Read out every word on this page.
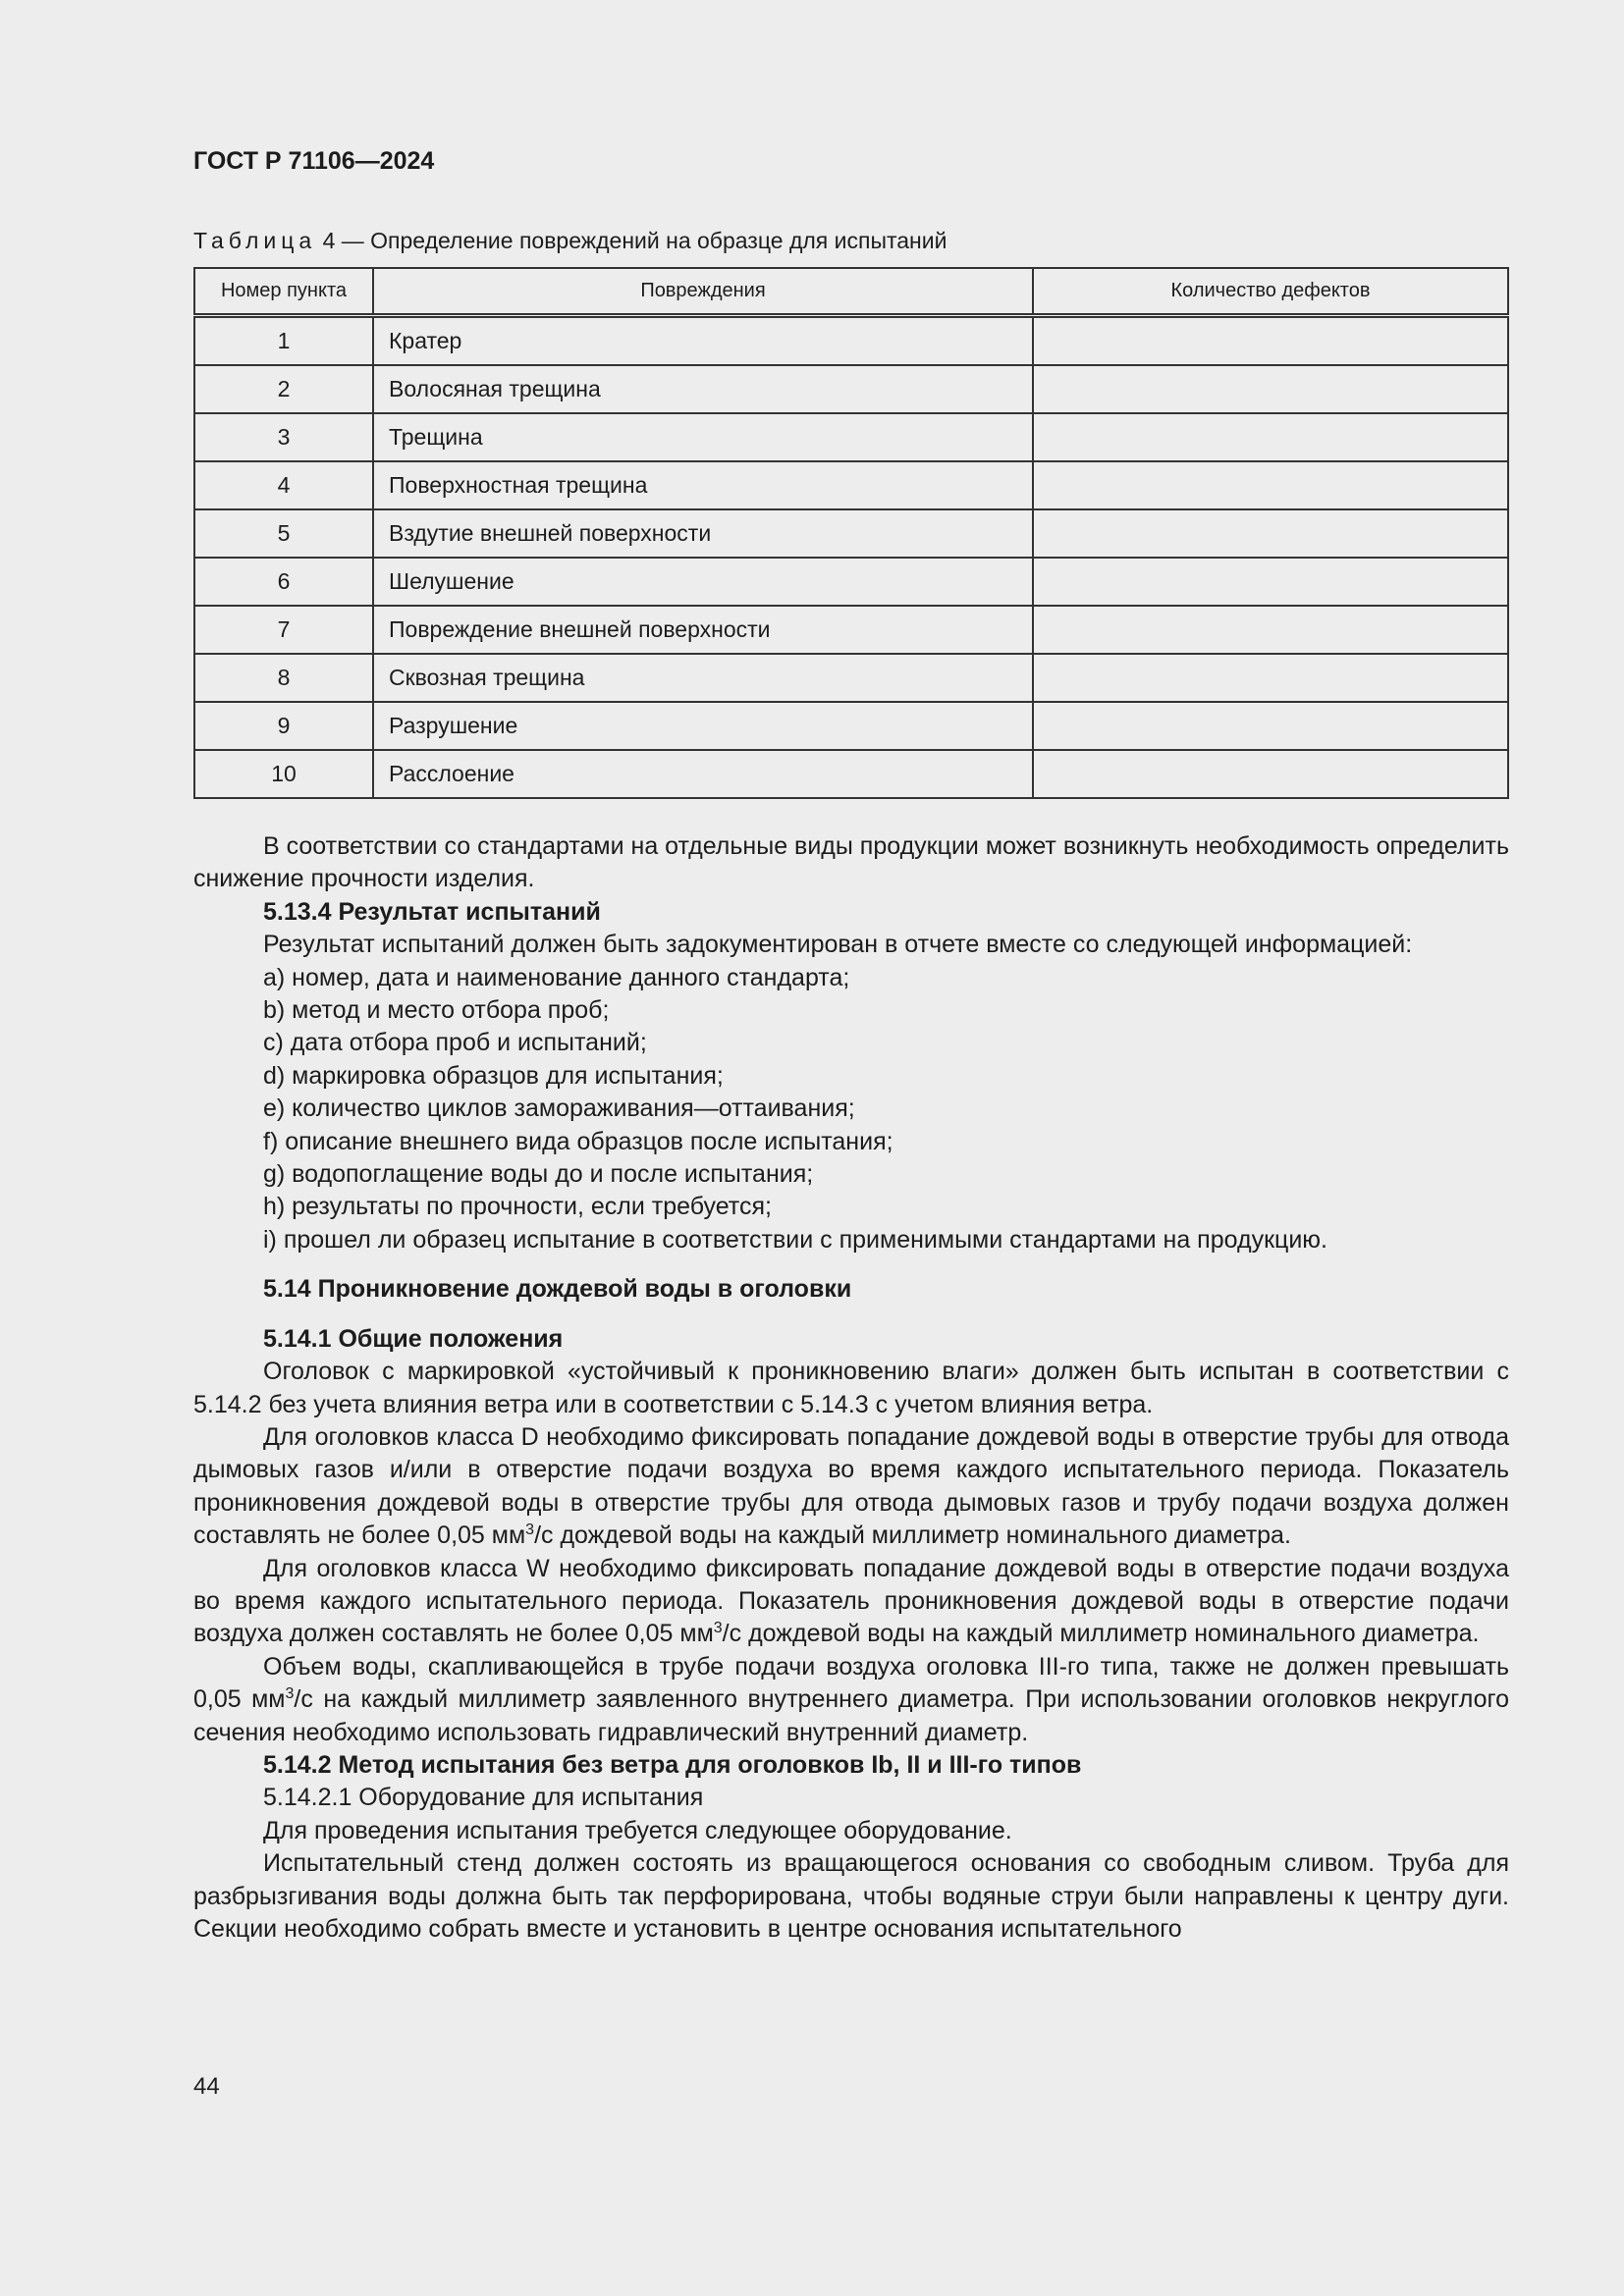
ГОСТ Р 71106—2024
Таблица 4 — Определение повреждений на образце для испытаний
Номер пункта	Повреждения	Количество дефектов
1	Кратер	
2	Волосяная трещина	
3	Трещина	
4	Поверхностная трещина	
5	Вздутие внешней поверхности	
6	Шелушение	
7	Повреждение внешней поверхности	
8	Сквозная трещина	
9	Разрушение	
10	Расслоение	

В соответствии со стандартами на отдельные виды продукции может возникнуть необходимость определить снижение прочности изделия.

5.13.4 Результат испытаний

Результат испытаний должен быть задокументирован в отчете вместе со следующей информацией:

a) номер, дата и наименование данного стандарта;

b) метод и место отбора проб;

c) дата отбора проб и испытаний;

d) маркировка образцов для испытания;

e) количество циклов замораживания—оттаивания;

f) описание внешнего вида образцов после испытания;

g) водопоглащение воды до и после испытания;

h) результаты по прочности, если требуется;

i) прошел ли образец испытание в соответствии с применимыми стандартами на продукцию.

5.14 Проникновение дождевой воды в оголовки

5.14.1 Общие положения

Оголовок с маркировкой «устойчивый к проникновению влаги» должен быть испытан в соответствии с 5.14.2 без учета влияния ветра или в соответствии с 5.14.3 с учетом влияния ветра.

Для оголовков класса D необходимо фиксировать попадание дождевой воды в отверстие трубы для отвода дымовых газов и/или в отверстие подачи воздуха во время каждого испытательного периода. Показатель проникновения дождевой воды в отверстие трубы для отвода дымовых газов и трубу подачи воздуха должен составлять не более 0,05 $мм^3/с$ дождевой воды на каждый миллиметр номинального диаметра.

Для оголовков класса W необходимо фиксировать попадание дождевой воды в отверстие подачи воздуха во время каждого испытательного периода. Показатель проникновения дождевой воды в отверстие подачи воздуха должен составлять не более 0,05 $мм^3/с$ дождевой воды на каждый миллиметр номинального диаметра.

Объем воды, скапливающейся в трубе подачи воздуха оголовка III-го типа, также не должен превышать 0,05 $мм^3/с$ на каждый миллиметр заявленного внутреннего диаметра. При использовании оголовков некруглого сечения необходимо использовать гидравлический внутренний диаметр.

5.14.2 Метод испытания без ветра для оголовков Ib, II и III-го типов

5.14.2.1 Оборудование для испытания

Для проведения испытания требуется следующее оборудование.

Испытательный стенд должен состоять из вращающегося основания со свободным сливом. Труба для разбрызгивания воды должна быть так перфорирована, чтобы водяные струи были направлены к центру дуги. Секции необходимо собрать вместе и установить в центре основания испытательного

44
